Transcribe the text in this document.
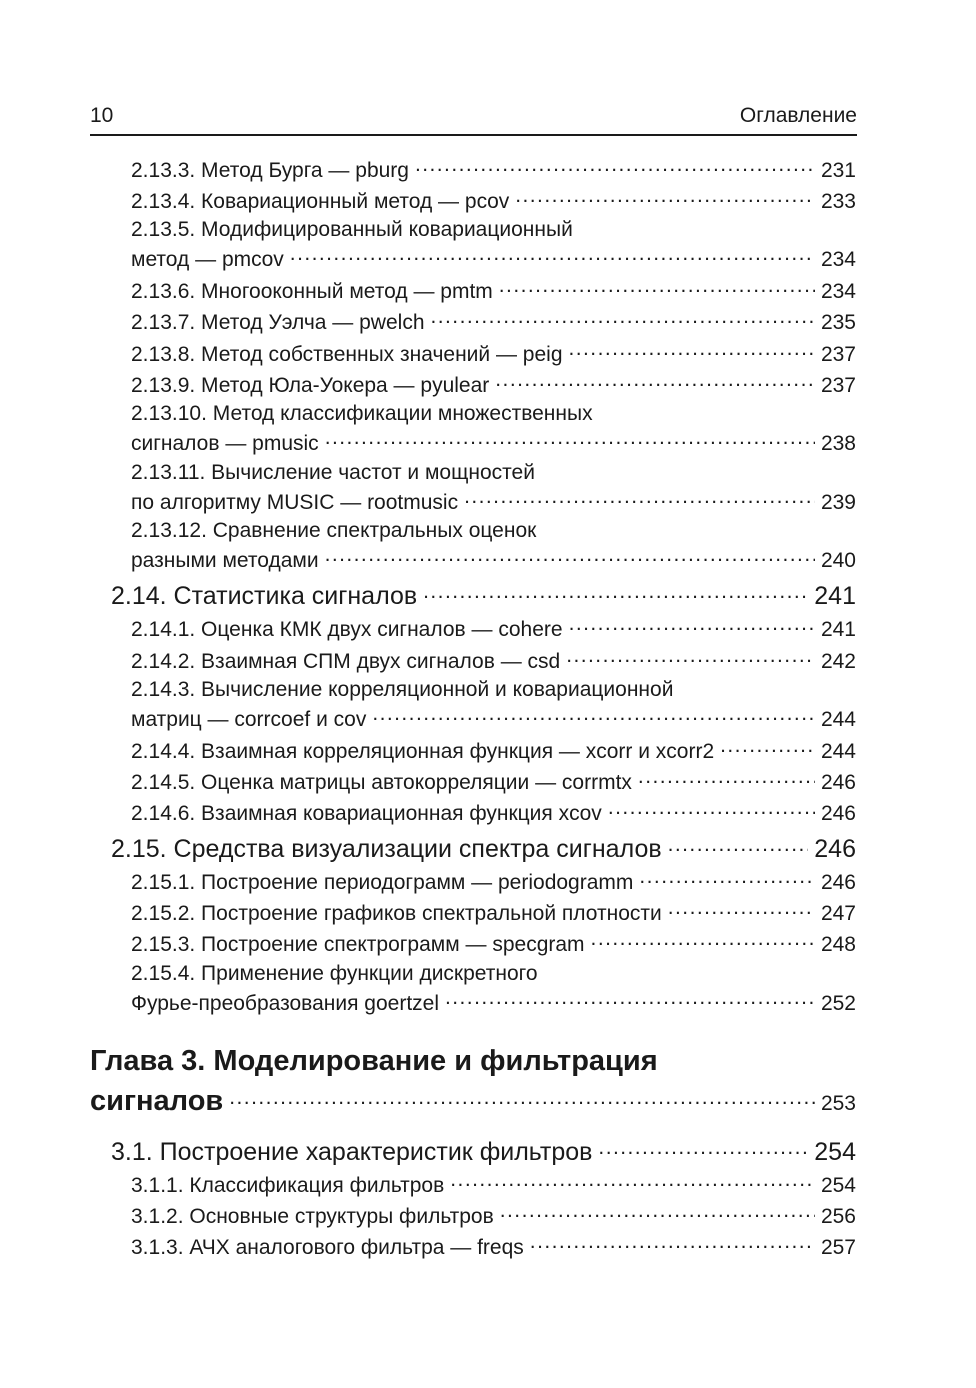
10	Оглавление
2.13.3. Метод Бурга — pburg . . .	231
2.13.4. Ковариационный метод — pcov . . .	233
2.13.5. Модифицированный ковариационный
метод — pmcov . . .	234
2.13.6. Многооконный метод — pmtm . . .	234
2.13.7. Метод Уэлча — pwelch . . .	235
2.13.8. Метод собственных значений — peig . . .	237
2.13.9. Метод Юла-Уокера — pyulear . . .	237
2.13.10. Метод классификации множественных
сигналов — pmusic . . .	238
2.13.11. Вычисление частот и мощностей
по алгоритму MUSIC — rootmusic . . .	239
2.13.12. Сравнение спектральных оценок
разными методами . . .	240
2.14. Статистика сигналов . . .	241
2.14.1. Оценка КМК двух сигналов — cohere . . .	241
2.14.2. Взаимная СПМ двух сигналов — csd . . .	242
2.14.3. Вычисление корреляционной и ковариационной
матриц — corrcoef и cov . . .	244
2.14.4. Взаимная корреляционная функция — xcorr и xcorr2 . . .	244
2.14.5. Оценка матрицы автокорреляции — corrmtx . . .	246
2.14.6. Взаимная ковариационная функция xcov . . .	246
2.15. Средства визуализации спектра сигналов . . .	246
2.15.1. Построение периодограмм — periodogramm . . .	246
2.15.2. Построение графиков спектральной плотности . . .	247
2.15.3. Построение спектрограмм — specgram . . .	248
2.15.4. Применение функции дискретного
Фурье-преобразования goertzel . . .	252
Глава 3. Моделирование и фильтрация
сигналов . . .	253
3.1. Построение характеристик фильтров . . .	254
3.1.1. Классификация фильтров . . .	254
3.1.2. Основные структуры фильтров . . .	256
3.1.3. АЧХ аналогового фильтра — freqs . . .	257
